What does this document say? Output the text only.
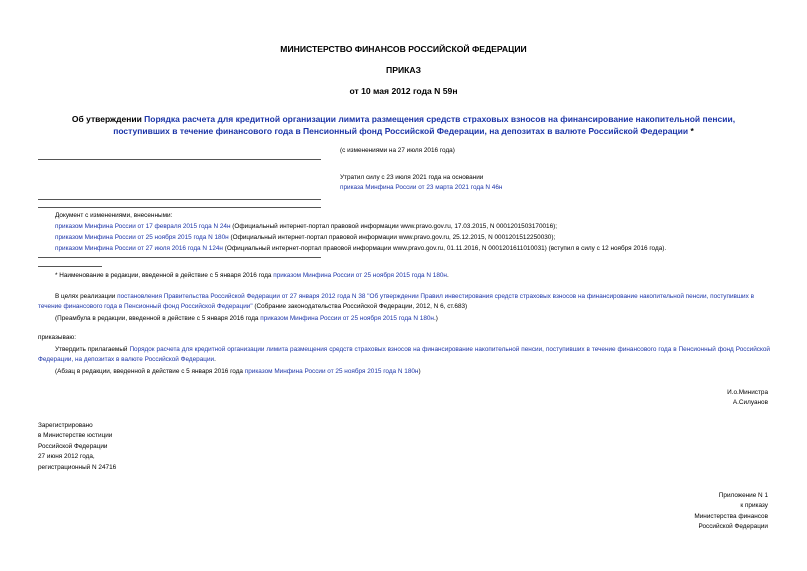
МИНИСТЕРСТВО ФИНАНСОВ РОССИЙСКОЙ ФЕДЕРАЦИИ
ПРИКАЗ
от 10 мая 2012 года N 59н
Об утверждении Порядка расчета для кредитной организации лимита размещения средств страховых взносов на финансирование накопительной пенсии, поступивших в течение финансового года в Пенсионный фонд Российской Федерации, на депозитах в валюте Российской Федерации *
(с изменениями на 27 июля 2016 года)
Утратил силу с 23 июля 2021 года на основании
приказа Минфина России от 23 марта 2021 года N 46н
Документ с изменениями, внесенными:
приказом Минфина России от 17 февраля 2015 года N 24н (Официальный интернет-портал правовой информации www.pravo.gov.ru, 17.03.2015, N 0001201503170016);
приказом Минфина России от 25 ноября 2015 года N 180н (Официальный интернет-портал правовой информации www.pravo.gov.ru, 25.12.2015, N 0001201512250030);
приказом Минфина России от 27 июля 2016 года N 124н (Официальный интернет-портал правовой информации www.pravo.gov.ru, 01.11.2016, N 0001201611010031) (вступил в силу с 12 ноября 2016 года).
* Наименование в редакции, введенной в действие с 5 января 2016 года приказом Минфина России от 25 ноября 2015 года N 180н.
В целях реализации постановления Правительства Российской Федерации от 27 января 2012 года N 38 "Об утверждении Правил инвестирования средств страховых взносов на финансирование накопительной пенсии, поступивших в течение финансового года в Пенсионный фонд Российской Федерации" (Собрание законодательства Российской Федерации, 2012, N 6, ст.683)
(Преамбула в редакции, введенной в действие с 5 января 2016 года приказом Минфина России от 25 ноября 2015 года N 180н.)
приказываю:
Утвердить прилагаемый Порядок расчета для кредитной организации лимита размещения средств страховых взносов на финансирование накопительной пенсии, поступивших в течение финансового года в Пенсионный фонд Российской Федерации, на депозитах в валюте Российской Федерации.
(Абзац в редакции, введенной в действие с 5 января 2016 года приказом Минфина России от 25 ноября 2015 года N 180н)
И.о.Министра
А.Силуанов

Зарегистрировано

в Министерстве юстиции

Российской Федерации

27 июня 2012 года,

регистрационный N 24716

Приложение N 1

к приказу

Министерства финансов

Российской Федерации
